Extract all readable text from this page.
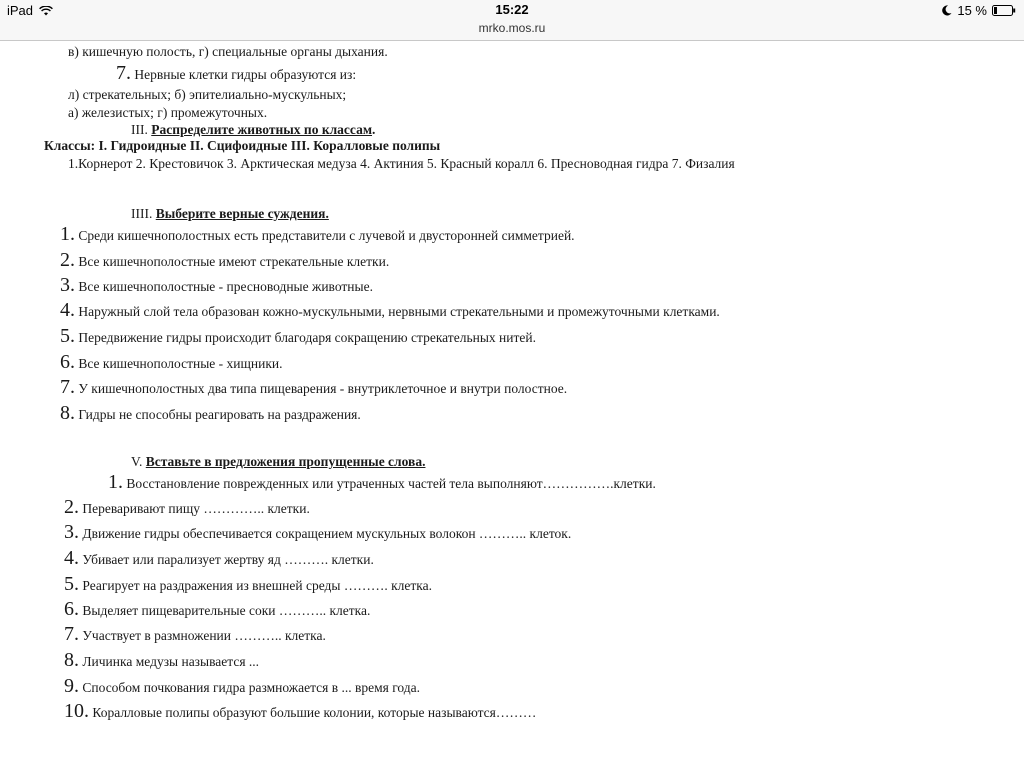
iPad	15:22
mrko.mos.ru
15 %
в) кишечную полость, г) специальные органы дыхания.
7. Нервные клетки гидры образуются из:
л) стрекательных; б) эпителиально-мускульных;
а) железистых; г) промежуточных.
III. Распределите животных по классам.
Классы: I. Гидроидные II. Сцифоидные III. Коралловые полипы
1.Корнерот 2. Крестовичок 3. Арктическая медуза 4. Актиния 5. Красный коралл 6. Пресноводная гидра 7. Физалия
IIII. Выберите верные суждения.
1. Среди кишечнополостных есть представители с лучевой и двусторонней симметрией.
2. Все кишечнополостные имеют стрекательные клетки.
3. Все кишечнополостные - пресноводные животные.
4. Наружный слой тела образован кожно-мускульными, нервными стрекательными и промежуточными клетками.
5. Передвижение гидры происходит благодаря сокращению стрекательных нитей.
6. Все кишечнополостные - хищники.
7. У кишечнополостных два типа пищеварения - внутриклеточное и внутри полостное.
8. Гидры не способны реагировать на раздражения.
V. Вставьте в предложения пропущенные слова.
1. Восстановление поврежденных или утраченных частей тела выполняют…………….клетки.
2. Переваривают пищу ………….. клетки.
3. Движение гидры обеспечивается сокращением мускульных волокон ……….. клеток.
4. Убивает или парализует жертву яд ………. клетки.
5. Реагирует на раздражения из внешней среды ………. клетка.
6. Выделяет пищеварительные соки ……….. клетка.
7. Участвует в размножении ……….. клетка.
8. Личинка медузы называется ...
9. Способом почкования гидра размножается в ... время года.
10. Коралловые полипы образуют большие колонии, которые называются………
